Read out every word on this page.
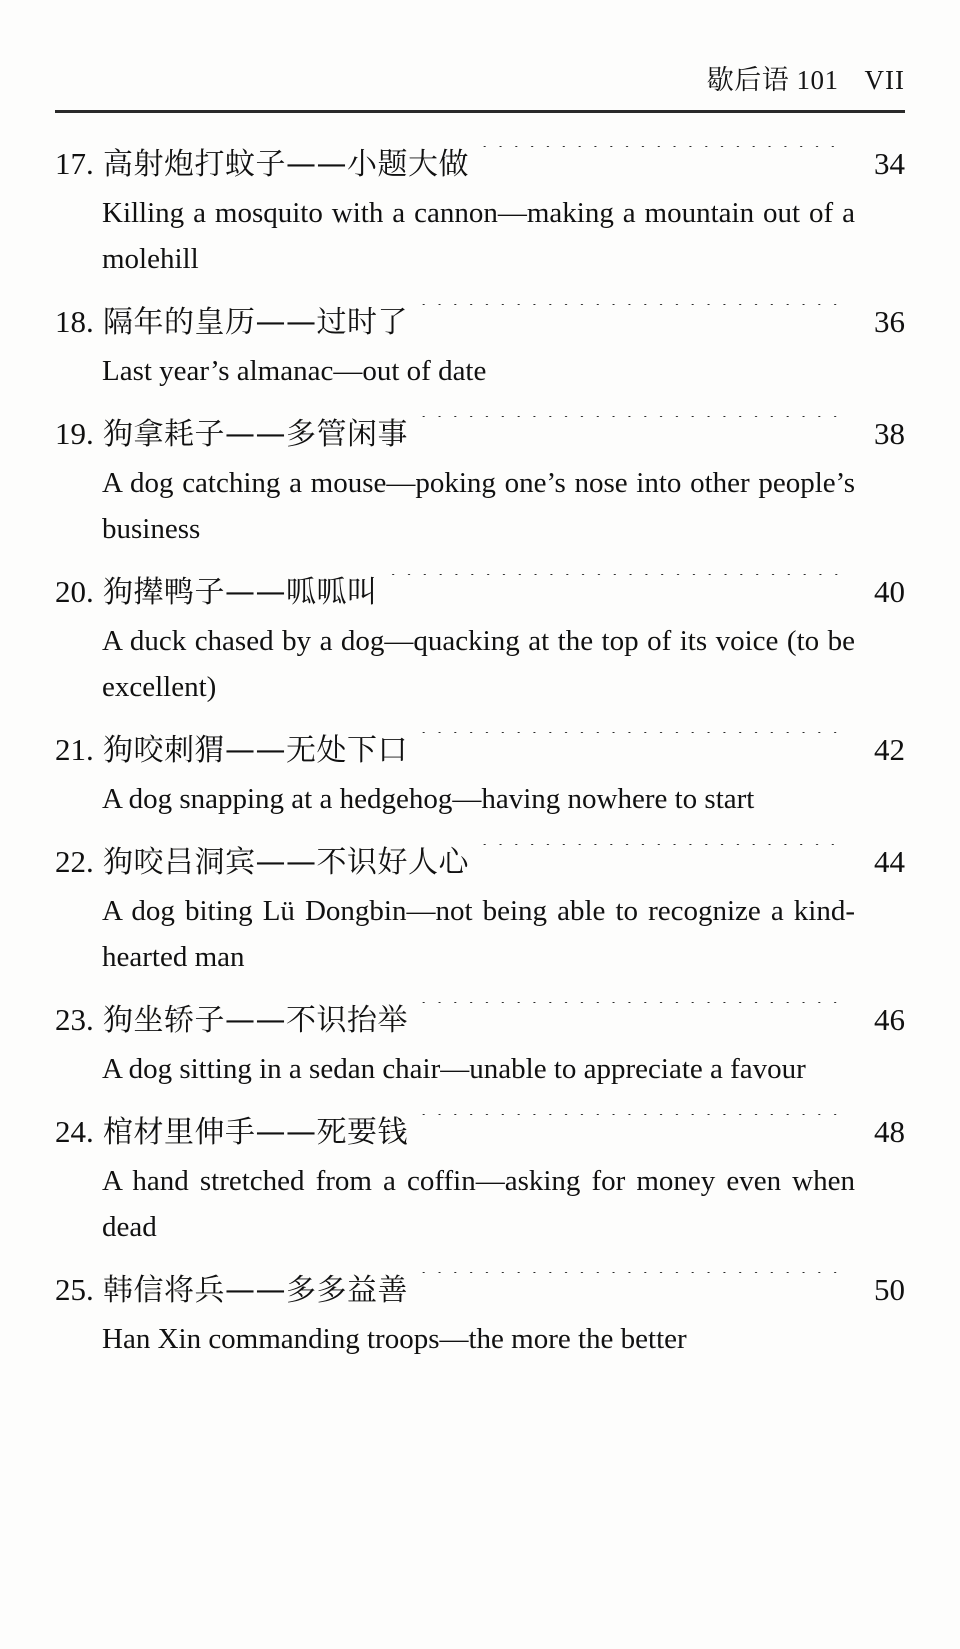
歇后语 101 VII
17. 高射炮打蚊子——小题大做 · · ·	34
Killing a mosquito with a cannon—making a mountain out of a molehill
18. 隔年的皇历——过时了 · · ·	36
Last year’s almanac—out of date
19. 狗拿耗子——多管闲事 · · ·	38
A dog catching a mouse—poking one’s nose into other people’s business
20. 狗撵鸭子——呱呱叫 · · ·	40
A duck chased by a dog—quacking at the top of its voice (to be excellent)
21. 狗咬刺猬——无处下口 · · ·	42
A dog snapping at a hedgehog—having nowhere to start
22. 狗咬吕洞宾——不识好人心 · · ·	44
A dog biting Lü Dongbin—not being able to recognize a kind-hearted man
23. 狗坐轿子——不识抬举 · · ·	46
A dog sitting in a sedan chair—unable to appreciate a favour
24. 棺材里伸手——死要钱 · · ·	48
A hand stretched from a coffin—asking for money even when dead
25. 韩信将兵——多多益善 · · ·	50
Han Xin commanding troops—the more the better
